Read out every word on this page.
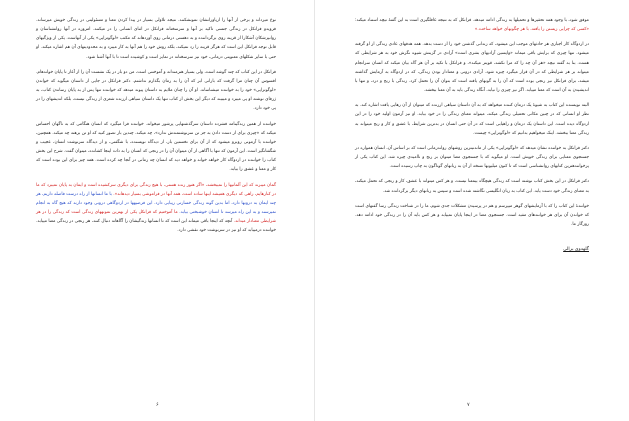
نوع میرداند و برخی از آنها را ازیاورانشان نمونشکنند. نتیجه تلاولی بسیار در پیدا کردن معنا و مسئولیتی در زندگی خویش میرساند. فرویدو فرانکل در زندگی جنسی تاکید بر آنها و سرسختانه فرانکل در اثنای انسانی را در میکنند. امروزه در آنها روانشناسان و روانپزشکان آشکارا از قرینه روی برگرداننده و به دهستی درمانی روی آوردهاند که مکتب «لوگوتراپی» یکی از آنهاست. یکی از ویژگیهای قابل توجه فرانکل این است که هرگز قرینه را رد نمیکند، بلکه روش خود را هم آنها به کار میبرد و به محدودیتهای آن هم اشاره میکند. او حتی با سایر شکلهای معنویتی درمانی، خود نیز سرسختانه در تمایز است و کوشیده است تا با آنها آشنا شود.

فرانکل در این کتاب که چند گوشه است، ولی بسیار هنرمندانه و آموختنی است، من دو بار در یک نشست آن را از آغاز تا پایان خواندهام. افسوس آن چنان مرا گرفت که بارانی ابر که آن را به رمان بگذارم نداشتم. دکتر فرانکل در جایی از داستان میگوید که خواندن «لوگوتراپی» خود را به خواننده میشناساند. او آن را چنان ملایم به داستان پیوند میدهد که خواننده تنها پس از به پایان رساندن کتاب، به ژرفای نوشته او پی میبرد و میبیند که دیگر این بخش از کتاب تنها یک داستان سیاهی ارزنده شعری از زندگی نیست، بلکه اندیشهای را در پی خود دارد.

خواننده از همین زندگینامه فشرده داستان سرگذشتهایی پرشور میخواند. خواننده فرا میگیرد که انسان هنگامی که به ناگهان احساس میکند که «چیزی برای از دست دادن به جز تن سرنوشتمندش ندارد»، چه میکند. چندین بار تصور کنید که او تن برهنه چه میکند. همچنین، خواننده با آزمونی روبرو میشود که از آن برای نخستین بار، از دیدگاه نویسنده، با شگفتی، و از دیدگاه سرنوشت انسان، عجیب و شگفتانگیز است. این آزمون که تنها با آگاهی از آن میتوان آن را در رنجی که انسان را به ذات اینجا کشانده، میتوان گفت. شرح این بخش کتاب را خواننده در اردوگاه کار خواهد خواند و خواهد دید که انسان چه زمانی در آنجا چه کرده است. همه چیز برای این بوده است که کار و معنا و عشق را بیابد.

گمان میبرند که این آلمانیها را نمیبخشد، «اگر هنوز زنده هستی، با هیچ زندگی برای دیگری سرکشیده است و ایمان به پایان نمیبرد که ما در کنارهایم، راهی که دیگری همیشه اینها ساده است، همه آنها در فراموشی بسیار دیدهاند». با ما انسانها از راه درست فاصله داریم، هر چند ایمان به درونها دارد، اما بدین گونه زندگی خسارتی زیبایی دارد. این فرضیهها در اردوگاهی درونی وجود دارند که هیچ گاه به انجام نمیرسند و به این راه میرسد تا انسان خوشبختی بیابد. ما آموختیم که فرانکل یکی از بهترین نمونههای زندگی است که زندگی را در هر شرایطی معنادار میداند. آنچه که اینجا باقی میماند این است که تا انسانها زندگیشان را آگاهانه دنبال کنند، هر رنجی در زندگی معنا مییابد. خواننده درمییابد که او نیز در سرنوشت خود نقشی دارد.

موفق شود، با وجود همه تحقیرها و تحمیلها به زندگی ادامه میدهد. فرانکل که به نتیجه غافلگیری است به این گفتهٔ نیچه استناد میکند: «کسی که چرایی زیستن را یافته، با هر چگونهای خواهد ساخت.»

در اردوگاه کار اجباری هر حادثهای موجب این میشود، که زندانی گذشتن خود را از دست بدهد. همه هدفهای عادی زندگی از او گرفته میشود. تنها چیزی که برایش باقی میماند «واپسین آزادیهای بشری است» آزادی در گزینش شیوه نگرش خود به هر شرایطی که هست. بنا به گفته نیچه «هر آن چه را که مرا نکشد، قویتر میکند»، و فرانکل با تکیه بر آن هر گاه بیان میکند که انسان سرانجام میتواند بر هر شرایطی که در آن قرار میگیرد چیره شود. آزادی درونی و معنادار بودن زندگی، که در اردوگاه به آزمایش گذاشته میشد، برای فرانکل نیز رنجی بوده است که آن را به گونهای یافته است که بتوان آن را تحمل کرد. زندگی با رنج و درد، و تنها با اندیشیدن به آن است که معنا مییابد. اگر نیز چیزی را نیابد، آنگاه زندگی باید به آن معنا ببخشد.

البته نویسنده این کتاب به شیوهٔ یک درمان کننده میخواهد که به آن داستان سیاهی ارزنده که میتوان از آن رهایی یافت اشاره کند. به نظر او انسانی که در چنین مکانی تحمیلی زندگی میکند، میتواند معنای زندگی را در خود بیابد. او نیز آزمون اولیه خود را در این اردوگاه دیده است. این داستان یک درمان و راهیابی است که در آن حتی انسان در بدترین شرایط، با عشق و کار و رنج میتواند به زندگی معنا ببخشد. اینک میخواهیم بدانیم که «لوگوتراپی» چیست.

دکتر فرانکل به خواننده نشان میدهد که «لوگوتراپی» یکی از ماندنیترین روشهای رواندرمانی است که بر اساس آن، انسان همواره در جستجوی معنایی برای زندگی خویش است. او میگوید که با جستجوی معنا میتوان بر رنج و ناامیدی چیره شد. این کتاب یکی از پرخوانندهترین کتابهای روانشناسی است که تا کنون میلیونها نسخه از آن به زبانهای گوناگون به چاپ رسیده است.

دکتر فرانکل در این بخش کتاب نوشته است که زندگی هیچگاه بیمعنا نیست، و هر کس میتواند با عشق، کار و رنجی که تحمل میکند، به معنای زندگی خود دست یابد. این کتاب به زبان انگلیسی نگاشته شده است و سپس به زبانهای دیگر برگردانده شد.

خوانندهٔ این کتاب را که با آزمایشهای گوهر میپرسم و هم در پرسیدن مشکلات جدی شوم، ما را در شناخت زندگی رسا گفتهای است که خواندن آن برای هر خوانندهای مفید است. جستجوی معنا در اینجا پایان نمییابد و هر کس باید آن را در زندگی خود ادامه دهد. روزگار ما.

گلهدوی برالی
۶	۷
